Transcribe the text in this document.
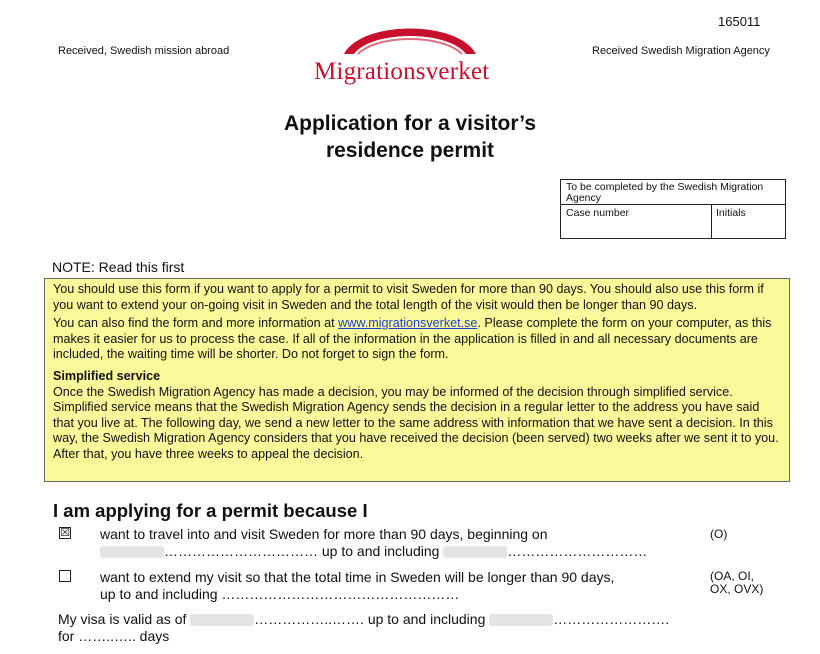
165011
Received, Swedish mission abroad	Received Swedish Migration Agency
Migrationsverket
Application for a visitor’s
residence permit
To be completed by the Swedish Migration Agency
Case number	Initials
NOTE: Read this first

You should use this form if you want to apply for a permit to visit Sweden for more than 90 days. You should also use this form if you want to extend your on-going visit in Sweden and the total length of the visit would then be longer than 90 days.

You can also find the form and more information at www.migrationsverket.se. Please complete the form on your computer, as this makes it easier for us to process the case. If all of the information in the application is filled in and all necessary documents are included, the waiting time will be shorter. Do not forget to sign the form.

Simplified service

Once the Swedish Migration Agency has made a decision, you may be informed of the decision through simplified service. Simplified service means that the Swedish Migration Agency sends the decision in a regular letter to the address you have said that you live at. The following day, we send a new letter to the same address with information that we have sent a decision. In this way, the Swedish Migration Agency considers that you have received the decision (been served) two weeks after we sent it to you. After that, you have three weeks to appeal the decision.

I am applying for a permit because I
☒ want to travel into and visit Sweden for more than 90 days, beginning on
…………………………… up to and including	…………………………
(O)
want to extend my visit so that the total time in Sweden will be longer than 90 days,
up to and including ……………………………………………
(OA, OI,
OX, OVX)
My visa is valid as of	……………..……. up to and including	…………………….
for ……..….. days
